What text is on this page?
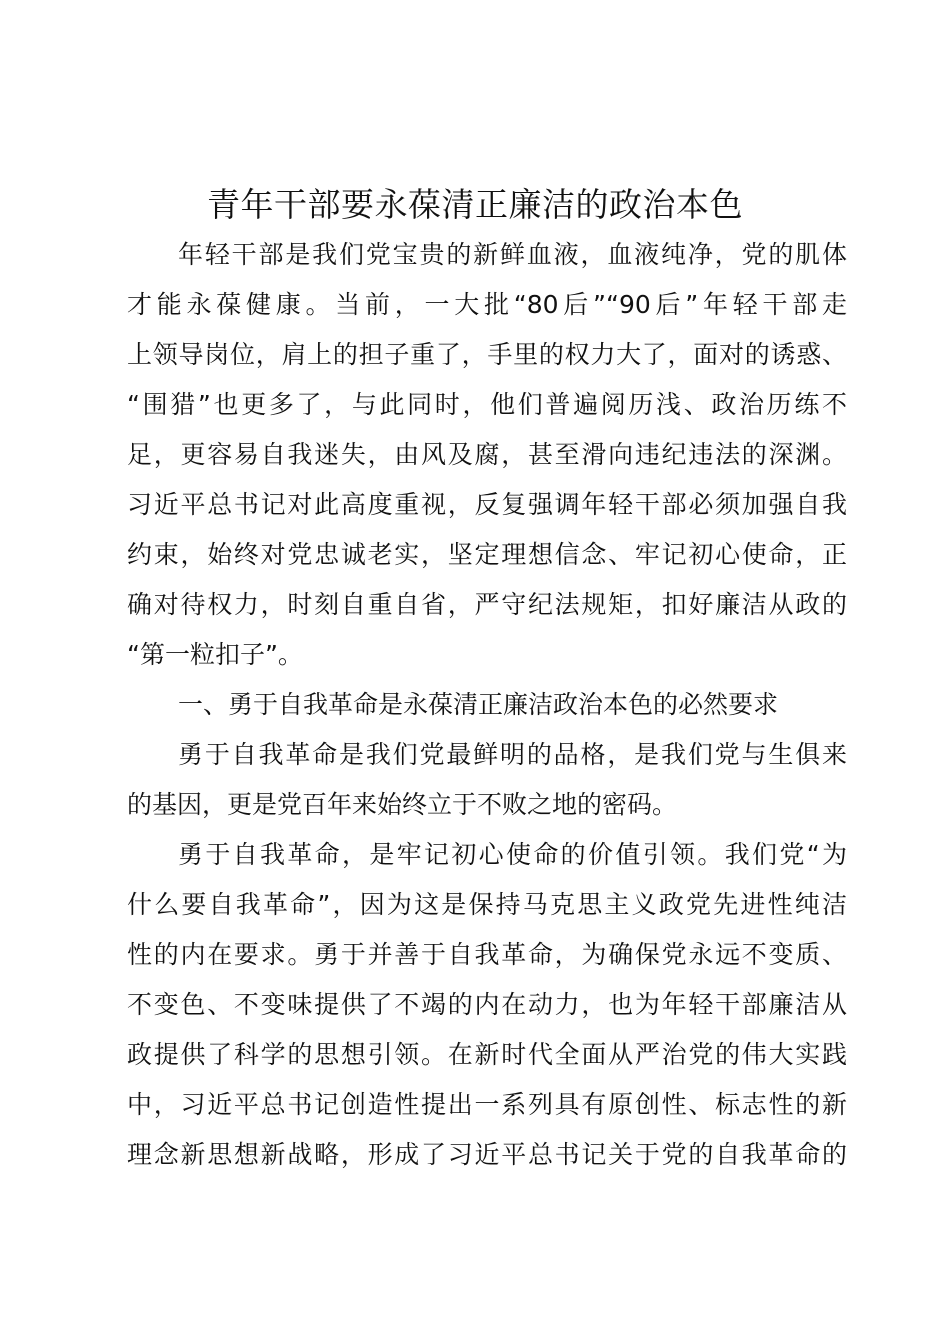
青年干部要永葆清正廉洁的政治本色
年轻干部是我们党宝贵的新鲜血液，血液纯净，党的肌体
才能永葆健康。当前，一大批“80后”“90后”年轻干部走
上领导岗位，肩上的担子重了，手里的权力大了，面对的诱惑、
“围猎”也更多了，与此同时，他们普遍阅历浅、政治历练不
足，更容易自我迷失，由风及腐，甚至滑向违纪违法的深渊。
习近平总书记对此高度重视，反复强调年轻干部必须加强自我
约束，始终对党忠诚老实，坚定理想信念、牢记初心使命，正
确对待权力，时刻自重自省，严守纪法规矩，扣好廉洁从政的
“第一粒扣子”。
一、勇于自我革命是永葆清正廉洁政治本色的必然要求
勇于自我革命是我们党最鲜明的品格，是我们党与生俱来
的基因，更是党百年来始终立于不败之地的密码。
勇于自我革命，是牢记初心使命的价值引领。我们党“为
什么要自我革命”，因为这是保持马克思主义政党先进性纯洁
性的内在要求。勇于并善于自我革命，为确保党永远不变质、
不变色、不变味提供了不竭的内在动力，也为年轻干部廉洁从
政提供了科学的思想引领。在新时代全面从严治党的伟大实践
中，习近平总书记创造性提出一系列具有原创性、标志性的新
理念新思想新战略，形成了习近平总书记关于党的自我革命的
